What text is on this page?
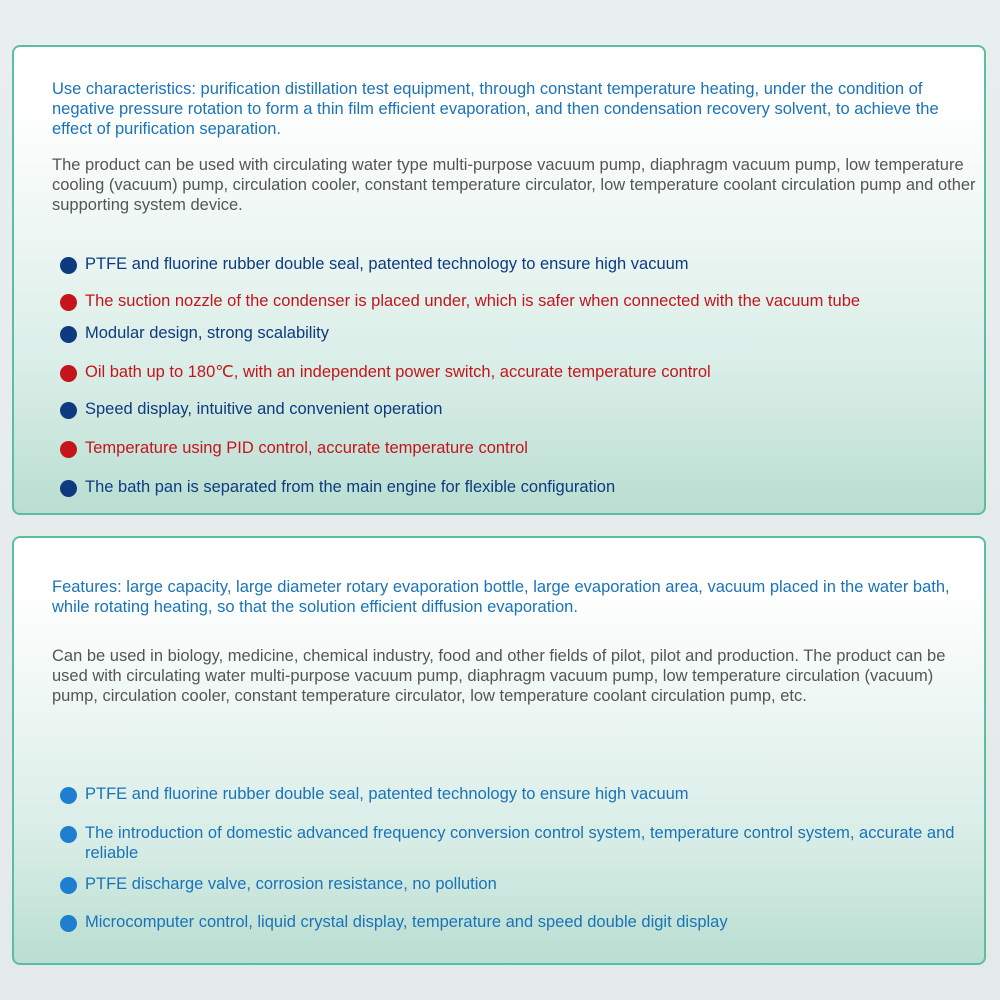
Use characteristics: purification distillation test equipment, through constant temperature heating, under the condition of negative pressure rotation to form a thin film efficient evaporation, and then condensation recovery solvent, to achieve the effect of purification separation.

The product can be used with circulating water type multi-purpose vacuum pump, diaphragm vacuum pump, low temperature cooling (vacuum) pump, circulation cooler, constant temperature circulator, low temperature coolant circulation pump and other supporting system device.

PTFE and fluorine rubber double seal, patented technology to ensure high vacuum
The suction nozzle of the condenser is placed under, which is safer when connected with the vacuum tube
Modular design, strong scalability
Oil bath up to 180℃, with an independent power switch, accurate temperature control
Speed display, intuitive and convenient operation
Temperature using PID control, accurate temperature control
The bath pan is separated from the main engine for flexible configuration

Features: large capacity, large diameter rotary evaporation bottle, large evaporation area, vacuum placed in the water bath, while rotating heating, so that the solution efficient diffusion evaporation.

Can be used in biology, medicine, chemical industry, food and other fields of pilot, pilot and production. The product can be used with circulating water multi-purpose vacuum pump, diaphragm vacuum pump, low temperature circulation (vacuum) pump, circulation cooler, constant temperature circulator, low temperature coolant circulation pump, etc.

PTFE and fluorine rubber double seal, patented technology to ensure high vacuum
The introduction of domestic advanced frequency conversion control system, temperature control system, accurate and reliable
PTFE discharge valve, corrosion resistance, no pollution
Microcomputer control, liquid crystal display, temperature and speed double digit display
